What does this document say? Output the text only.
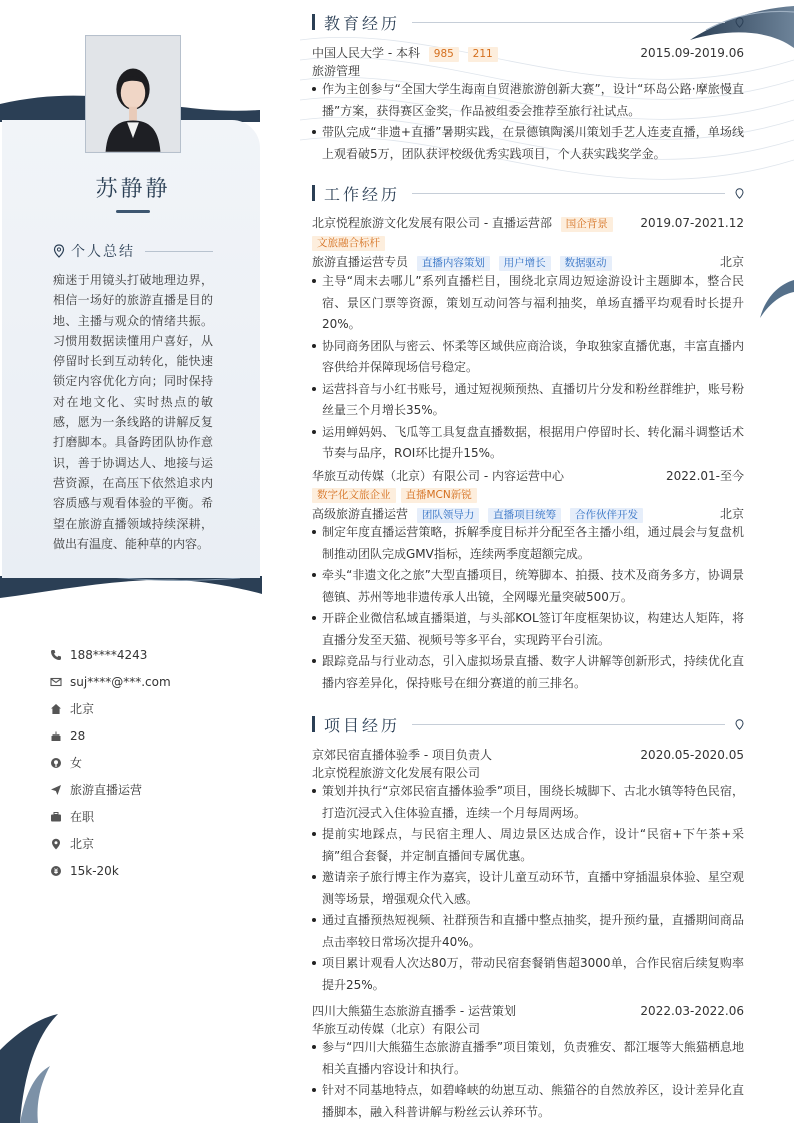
苏静静
个人总结
痴迷于用镜头打破地理边界，相信一场好的旅游直播是目的地、主播与观众的情绪共振。习惯用数据读懂用户喜好，从停留时长到互动转化，能快速锁定内容优化方向；同时保持对在地文化、实时热点的敏感，愿为一条线路的讲解反复打磨脚本。具备跨团队协作意识，善于协调达人、地接与运营资源，在高压下依然追求内容质感与观看体验的平衡。希望在旅游直播领域持续深耕，做出有温度、能种草的内容。
188****4243
suj****@***.com
北京
28
女
旅游直播运营
在职
北京
15k-20k
教育经历
中国人民大学 - 本科 985 211	2015.09-2019.06
旅游管理
作为主创参与“全国大学生海南自贸港旅游创新大赛”，设计“环岛公路·摩旅慢直播”方案，获得赛区金奖，作品被组委会推荐至旅行社试点。
带队完成“非遗+直播”暑期实践，在景德镇陶溪川策划手艺人连麦直播，单场线上观看破5万，团队获评校级优秀实践项目，个人获实践奖学金。
工作经历
北京悦程旅游文化发展有限公司 - 直播运营部 国企背景	2019.07-2021.12
文旅融合标杆
旅游直播运营专员 直播内容策划 用户增长 数据驱动	北京
主导“周末去哪儿”系列直播栏目，围绕北京周边短途游设计主题脚本，整合民宿、景区门票等资源，策划互动问答与福利抽奖，单场直播平均观看时长提升20%。
协同商务团队与密云、怀柔等区域供应商洽谈，争取独家直播优惠，丰富直播内容供给并保障现场信号稳定。
运营抖音与小红书账号，通过短视频预热、直播切片分发和粉丝群维护，账号粉丝量三个月增长35%。
运用蝉妈妈、飞瓜等工具复盘直播数据，根据用户停留时长、转化漏斗调整话术节奏与品序，ROI环比提升15%。
华旅互动传媒（北京）有限公司 - 内容运营中心	2022.01-至今
数字化文旅企业	直播MCN新锐
高级旅游直播运营 团队领导力 直播项目统筹 合作伙伴开发	北京
制定年度直播运营策略，拆解季度目标并分配至各主播小组，通过晨会与复盘机制推动团队完成GMV指标，连续两季度超额完成。
牵头“非遗文化之旅”大型直播项目，统筹脚本、拍摄、技术及商务多方，协调景德镇、苏州等地非遗传承人出镜，全网曝光量突破500万。
开辟企业微信私域直播渠道，与头部KOL签订年度框架协议，构建达人矩阵，将直播分发至天猫、视频号等多平台，实现跨平台引流。
跟踪竞品与行业动态，引入虚拟场景直播、数字人讲解等创新形式，持续优化直播内容差异化，保持账号在细分赛道的前三排名。
项目经历
京郊民宿直播体验季 - 项目负责人	2020.05-2020.05
北京悦程旅游文化发展有限公司
策划并执行“京郊民宿直播体验季”项目，围绕长城脚下、古北水镇等特色民宿，打造沉浸式入住体验直播，连续一个月每周两场。
提前实地踩点，与民宿主理人、周边景区达成合作，设计“民宿+下午茶+采摘”组合套餐，并定制直播间专属优惠。
邀请亲子旅行博主作为嘉宾，设计儿童互动环节，直播中穿插温泉体验、星空观测等场景，增强观众代入感。
通过直播预热短视频、社群预告和直播中整点抽奖，提升预约量，直播期间商品点击率较日常场次提升40%。
项目累计观看人次达80万，带动民宿套餐销售超3000单，合作民宿后续复购率提升25%。
四川大熊猫生态旅游直播季 - 运营策划	2022.03-2022.06
华旅互动传媒（北京）有限公司
参与“四川大熊猫生态旅游直播季”项目策划，负责雅安、都江堰等大熊猫栖息地相关直播内容设计和执行。
针对不同基地特点，如碧峰峡的幼崽互动、熊猫谷的自然放养区，设计差异化直播脚本，融入科普讲解与粉丝云认养环节。
